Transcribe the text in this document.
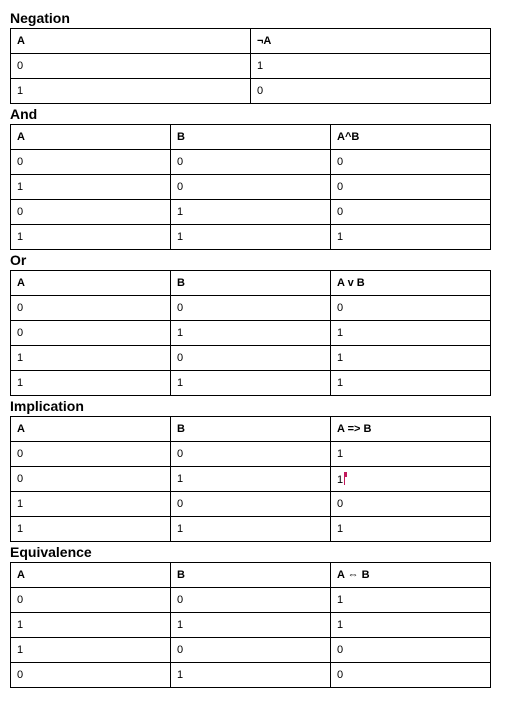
Negation
A	¬A
0	1
1	0
And
A	B	A^B
0	0	0
1	0	0
0	1	0
1	1	1
Or
A	B	A v B
0	0	0
0	1	1
1	0	1
1	1	1
Implication
A	B	A => B
0	0	1
0	1	1
1	0	0
1	1	1
Equivalence
A	B	A ⇔ B
0	0	1
1	1	1
1	0	0
0	1	0
